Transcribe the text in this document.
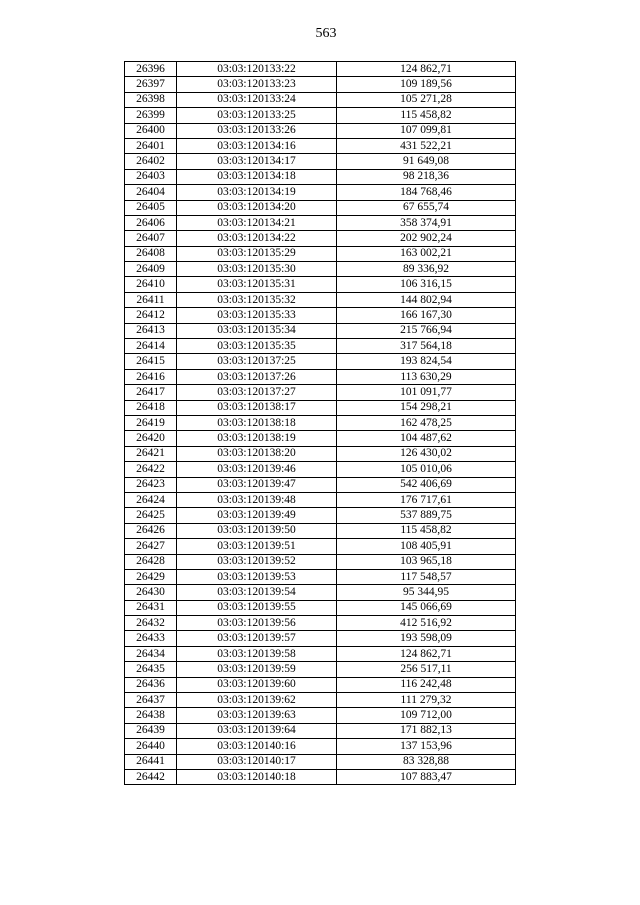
563
26396	03:03:120133:22	124 862,71
26397	03:03:120133:23	109 189,56
26398	03:03:120133:24	105 271,28
26399	03:03:120133:25	115 458,82
26400	03:03:120133:26	107 099,81
26401	03:03:120134:16	431 522,21
26402	03:03:120134:17	91 649,08
26403	03:03:120134:18	98 218,36
26404	03:03:120134:19	184 768,46
26405	03:03:120134:20	67 655,74
26406	03:03:120134:21	358 374,91
26407	03:03:120134:22	202 902,24
26408	03:03:120135:29	163 002,21
26409	03:03:120135:30	89 336,92
26410	03:03:120135:31	106 316,15
26411	03:03:120135:32	144 802,94
26412	03:03:120135:33	166 167,30
26413	03:03:120135:34	215 766,94
26414	03:03:120135:35	317 564,18
26415	03:03:120137:25	193 824,54
26416	03:03:120137:26	113 630,29
26417	03:03:120137:27	101 091,77
26418	03:03:120138:17	154 298,21
26419	03:03:120138:18	162 478,25
26420	03:03:120138:19	104 487,62
26421	03:03:120138:20	126 430,02
26422	03:03:120139:46	105 010,06
26423	03:03:120139:47	542 406,69
26424	03:03:120139:48	176 717,61
26425	03:03:120139:49	537 889,75
26426	03:03:120139:50	115 458,82
26427	03:03:120139:51	108 405,91
26428	03:03:120139:52	103 965,18
26429	03:03:120139:53	117 548,57
26430	03:03:120139:54	95 344,95
26431	03:03:120139:55	145 066,69
26432	03:03:120139:56	412 516,92
26433	03:03:120139:57	193 598,09
26434	03:03:120139:58	124 862,71
26435	03:03:120139:59	256 517,11
26436	03:03:120139:60	116 242,48
26437	03:03:120139:62	111 279,32
26438	03:03:120139:63	109 712,00
26439	03:03:120139:64	171 882,13
26440	03:03:120140:16	137 153,96
26441	03:03:120140:17	83 328,88
26442	03:03:120140:18	107 883,47
